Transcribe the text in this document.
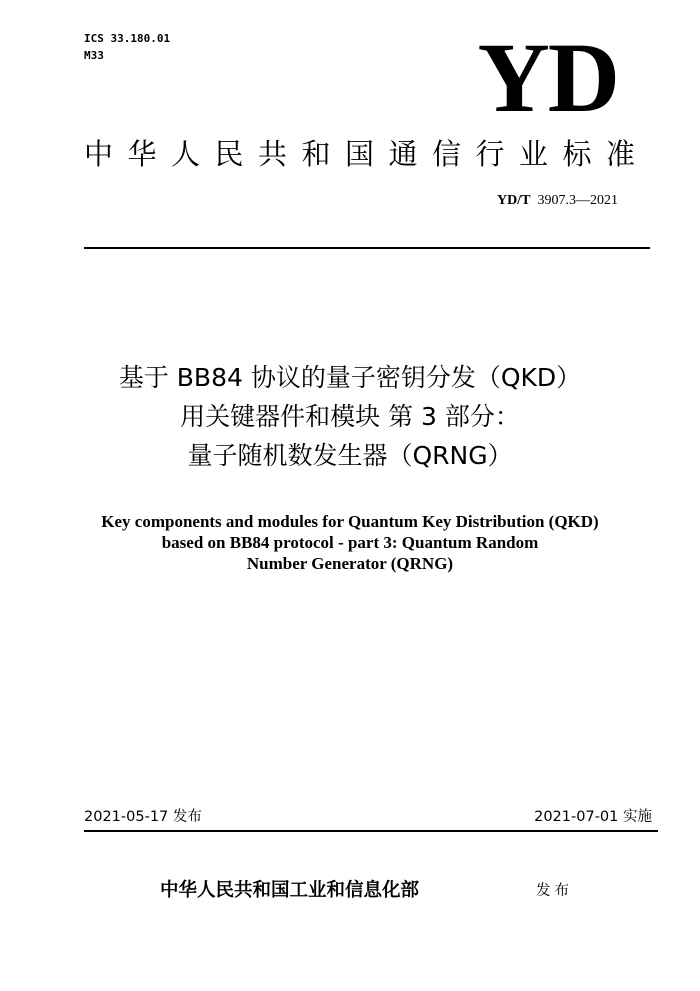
ICS 33.180.01
M33	YD
中华人民共和国通信行业标准
YD/T 3907.3—2021
基于 BB84 协议的量子密钥分发（QKD）
用关键器件和模块 第 3 部分：
量子随机数发生器（QRNG）
Key components and modules for Quantum Key Distribution (QKD)
based on BB84 protocol - part 3: Quantum Random
Number Generator (QRNG)
2021-05-17 发布	2021-07-01 实施
中华人民共和国工业和信息化部	发布
